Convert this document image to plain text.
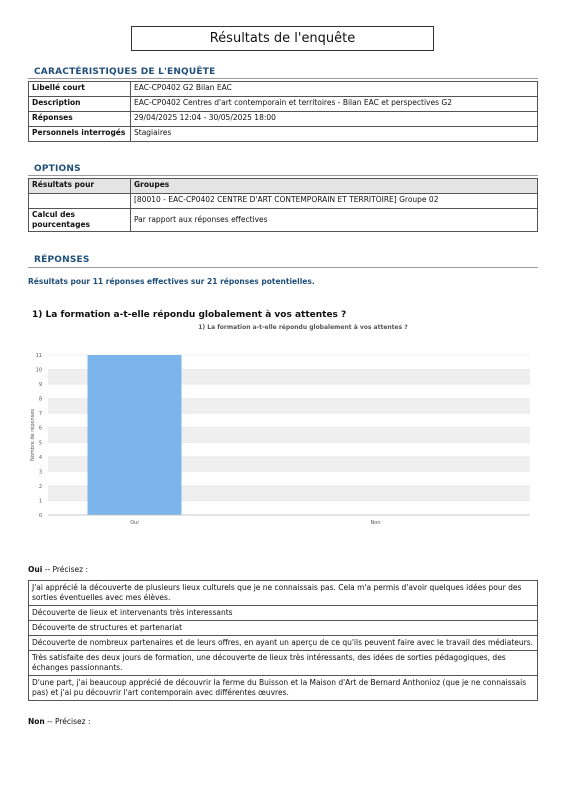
Résultats de l'enquête
CARACTÉRISTIQUES DE L'ENQUÊTE
Libellé court	EAC-CP0402 G2 Bilan EAC
Description	EAC-CP0402 Centres d'art contemporain et territoires - Bilan EAC et perspectives G2
Réponses	29/04/2025 12:04 - 30/05/2025 18:00
Personnels interrogés	Stagiaires
OPTIONS
Résultats pour	Groupes
	[80010 - EAC-CP0402 CENTRE D'ART CONTEMPORAIN ET TERRITOIRE] Groupe 02
Calcul des pourcentages	Par rapport aux réponses effectives
RÉPONSES
Résultats pour 11 réponses effectives sur 21 réponses potentielles.
1) La formation a-t-elle répondu globalement à vos attentes ?
1) La formation a-t-elle répondu globalement à vos attentes ?
0
1
2
3
4
5
6
7
8
9
10
11
Nombre de réponses
Oui	Non
Oui -- Précisez :
J'ai apprécié la découverte de plusieurs lieux culturels que je ne connaissais pas. Cela m'a permis d'avoir quelques idées pour des sorties éventuelles avec mes élèves.
Découverte de lieux et intervenants très interessants
Découverte de structures et partenariat
Découverte de nombreux partenaires et de leurs offres, en ayant un aperçu de ce qu'ils peuvent faire avec le travail des médiateurs.
Très satisfaite des deux jours de formation, une découverte de lieux très intéressants, des idées de sorties pédagogiques, des échanges passionnants.
D'une part, j'ai beaucoup apprécié de découvrir la ferme du Buisson et la Maison d'Art de Bernard Anthonioz (que je ne connaissais pas) et j'ai pu découvrir l'art contemporain avec différentes œuvres.
Non -- Précisez :
